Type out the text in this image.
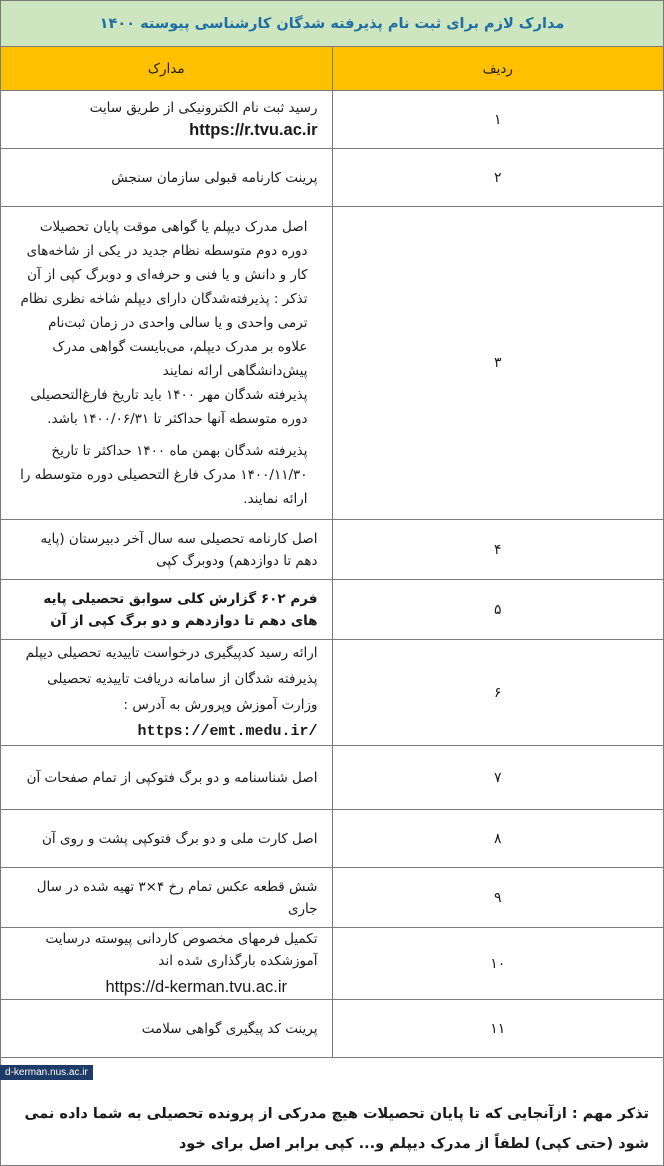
مدارک لازم برای ثبت نام پذیرفته شدگان کارشناسی پیوسته ۱۴۰۰	
ردیف	مدارک
۱	رسید ثبت نام الکترونیکی از طریق سایت    https://r.tvu.ac.ir
۲	پرینت کارنامه قبولی سازمان سنجش
۳	اصل مدرک دیپلم یا گواهی موقت پایان تحصیلات دوره دوم متوسطه نظام جدید در یکی از شاخه‌های کار و دانش و یا فنی و حرفه‌ای و دوبرگ کپی از آن
تذکر : پذیرفته‌شدگان دارای دیپلم شاخه نظری نظام ترمی واحدی و یا سالی واحدی در زمان ثبت‌نام علاوه بر مدرک دیپلم، می‌بایست گواهی مدرک پیش‌دانشگاهی ارائه نمایند
پذیرفته شدگان مهر ۱۴۰۰ باید تاریخ فارغ‌التحصیلی دوره متوسطه آنها حداکثر تا ۱۴۰۰/۰۶/۳۱ باشد.
پذیرفته شدگان بهمن ماه ۱۴۰۰ حداکثر تا تاریخ ۱۴۰۰/۱۱/۳۰ مدرک فارغ التحصیلی دوره متوسطه را ارائه نمایند.

۴	اصل کارنامه تحصیلی سه سال آخر دبیرستان (پایه دهم تا دوازدهم) ودوبرگ کپی
۵	فرم ۶۰۲ گزارش کلی سوابق تحصیلی پایه های دهم تا دوازدهم و دو برگ کپی از آن
۶	ارائه رسید کدپیگیری درخواست تاییدیه تحصیلی دیپلم پذیرفته شدگان از سامانه دریافت تاییدیه تحصیلی وزارت آموزش وپرورش به آدرس : https://emt.medu.ir/
۷	اصل شناسنامه و دو برگ فتوکپی از تمام صفحات آن
۸	اصل کارت ملی و دو برگ فتوکپی پشت و روی آن
۹	شش قطعه عکس تمام رخ ۴×۳ تهیه شده در سال جاری
۱۰	تکمیل فرمهای مخصوص کاردانی پیوسته درسایت آموزشکده بارگذاری شده اند
https://d-kerman.tvu.ac.ir

۱۱	پرینت کد پیگیری گواهی سلامت
تذکر مهم : ازآنجایی که تا پایان تحصیلات هیچ مدرکی از پرونده تحصیلی به شما داده نمی شود (حتی کپی) لطفاً از مدرک دیپلم و... کپی برابر اصل برای خود	
d-kerman.nus.ac.ir
